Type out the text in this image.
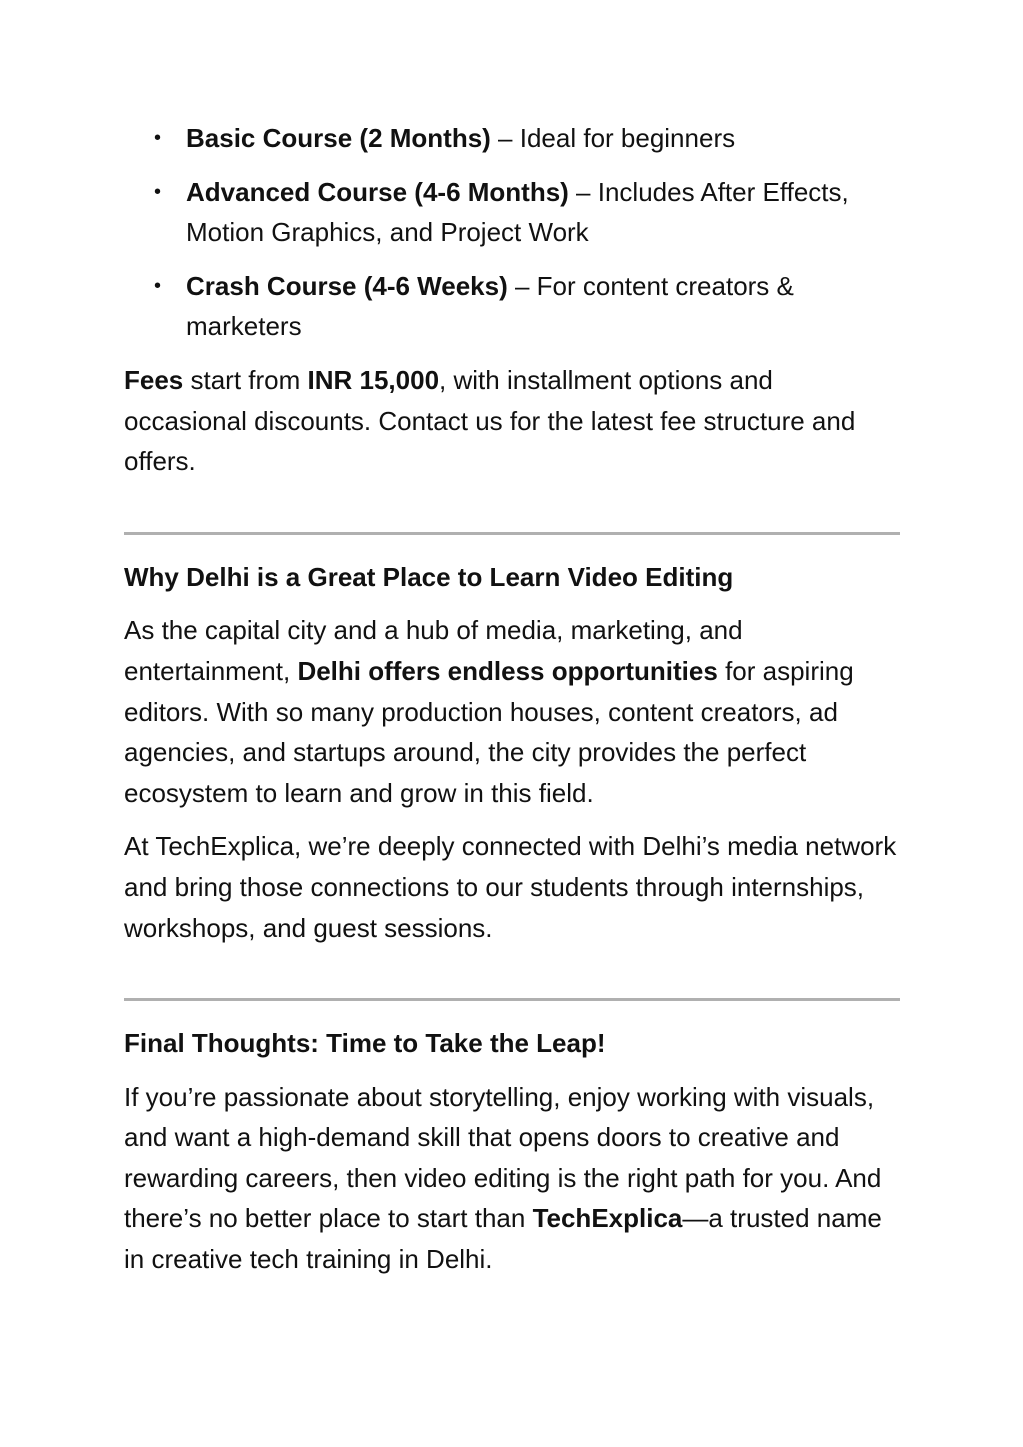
• Basic Course (2 Months) – Ideal for beginners
• Advanced Course (4-6 Months) – Includes After Effects, Motion Graphics, and Project Work
• Crash Course (4-6 Weeks) – For content creators & marketers

Fees start from INR 15,000, with installment options and occasional discounts. Contact us for the latest fee structure and offers.

Why Delhi is a Great Place to Learn Video Editing

As the capital city and a hub of media, marketing, and entertainment, Delhi offers endless opportunities for aspiring editors. With so many production houses, content creators, ad agencies, and startups around, the city provides the perfect ecosystem to learn and grow in this field.

At TechExplica, we’re deeply connected with Delhi’s media network and bring those connections to our students through internships, workshops, and guest sessions.

Final Thoughts: Time to Take the Leap!

If you’re passionate about storytelling, enjoy working with visuals, and want a high-demand skill that opens doors to creative and rewarding careers, then video editing is the right path for you. And there’s no better place to start than TechExplica—a trusted name in creative tech training in Delhi.
